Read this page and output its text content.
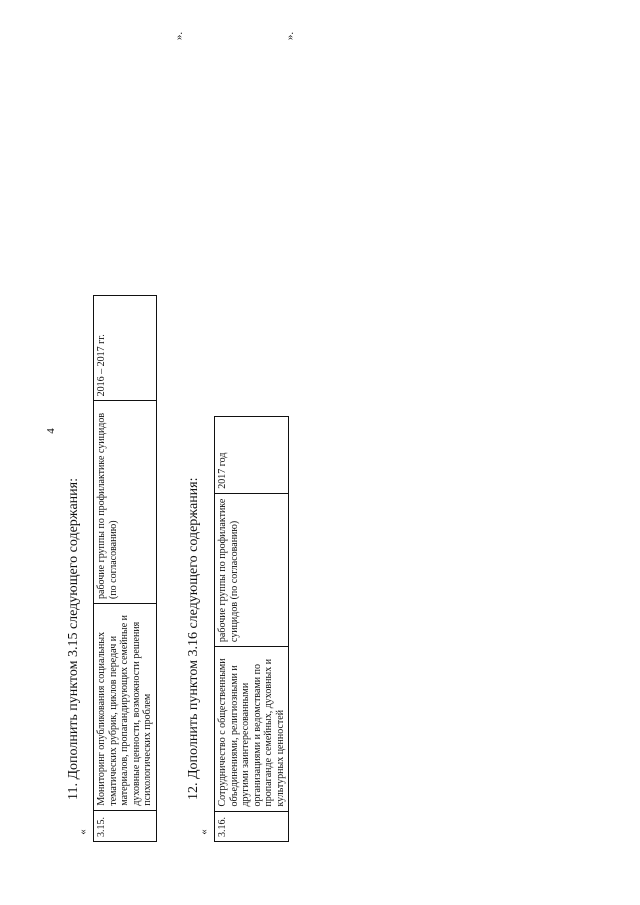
4
11. Дополнить пунктом 3.15 следующего содержания:
«
».
3.15.	Мониторинг опубликования социальных тематических рубрик, циклов передач и материалов, пропагандирующих семейные и духовные ценности, возможности решения психологических проблем	рабочие группы по профилактике суицидов (по согласованию)	2016 – 2017 гг.
12. Дополнить пунктом 3.16 следующего содержания:
«
».
3.16.	Сотрудничество с общественными объединениями, религиозными и другими заинтересованными организациями и ведомствами по пропаганде семейных, духовных и культурных ценностей	рабочие группы по профилактике суицидов (по согласованию)	2017 год
